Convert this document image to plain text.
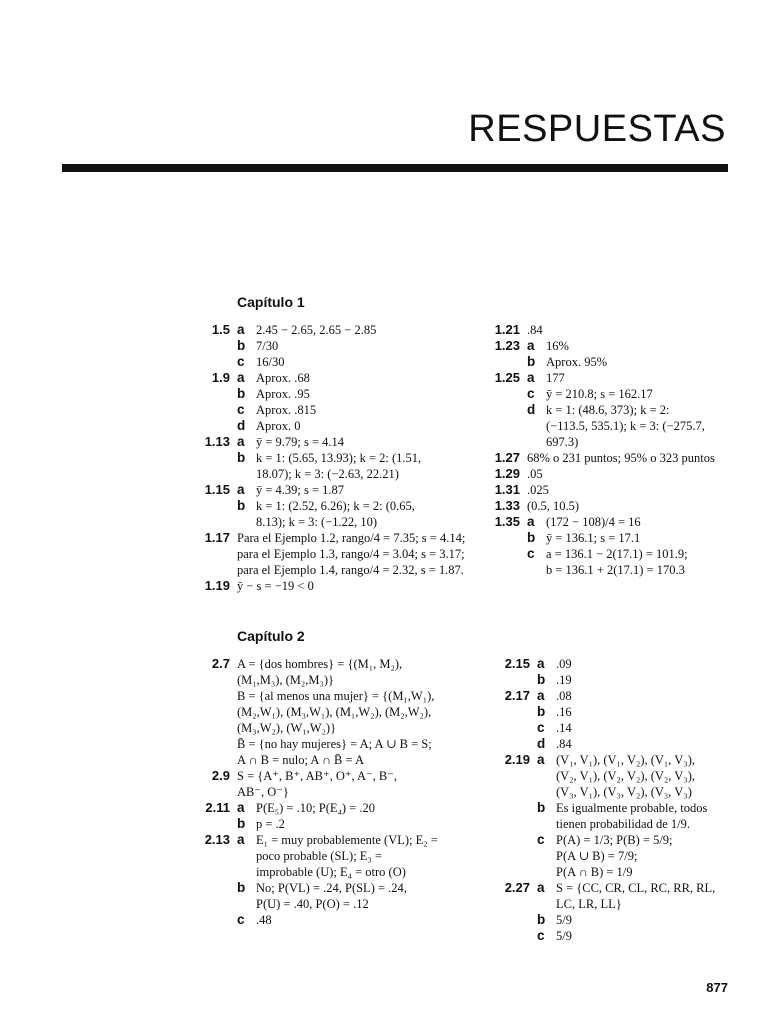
RESPUESTAS
Capítulo 1
1.5 a 2.45 − 2.65, 2.65 − 2.85
b 7/30
c 16/30
1.9 a Aprox. .68
b Aprox. .95
c Aprox. .815
d Aprox. 0
1.13 a ȳ = 9.79; s = 4.14
b k = 1: (5.65, 13.93); k = 2: (1.51,
18.07); k = 3: (−2.63, 22.21)
1.15 a ȳ = 4.39; s = 1.87
b k = 1: (2.52, 6.26); k = 2: (0.65,
8.13); k = 3: (−1.22, 10)
1.17 Para el Ejemplo 1.2, rango/4 = 7.35; s = 4.14;
para el Ejemplo 1.3, rango/4 = 3.04; s = 3.17;
para el Ejemplo 1.4, rango/4 = 2.32, s = 1.87.
1.19 ȳ − s = −19 < 0
1.21 .84
1.23 a 16%
b Aprox. 95%
1.25 a 177
c ȳ = 210.8; s = 162.17
d k = 1: (48.6, 373); k = 2:
(−113.5, 535.1); k = 3: (−275.7,
697.3)
1.27 68% o 231 puntos; 95% o 323 puntos
1.29 .05
1.31 .025
1.33 (0.5, 10.5)
1.35 a (172 − 108)/4 = 16
b ȳ = 136.1; s = 17.1
c a = 136.1 − 2(17.1) = 101.9;
b = 136.1 + 2(17.1) = 170.3
Capítulo 2
2.7 A = {dos hombres} = {(M₁, M₂),
(M₁,M₃), (M₂,M₃)}
B = {al menos una mujer} = {(M₁,W₁),
(M₂,W₁), (M₃,W₁), (M₁,W₂), (M₂,W₂),
(M₃,W₂), (W₁,W₂)}
B̄ = {no hay mujeres} = A; A ∪ B = S;
A ∩ B = nulo; A ∩ B̄ = A
2.9 S = {A⁺, B⁺, AB⁺, O⁺, A⁻, B⁻,
AB⁻, O⁻}
2.11 a P(E₅) = .10; P(E₄) = .20
b p = .2
2.13 a E₁ = muy probablemente (VL); E₂ =
poco probable (SL); E₃ =
improbable (U); E₄ = otro (O)
b No; P(VL) = .24, P(SL) = .24,
P(U) = .40, P(O) = .12
c .48
2.15 a .09
b .19
2.17 a .08
b .16
c .14
d .84
2.19 a (V₁, V₁), (V₁, V₂), (V₁, V₃),
(V₂, V₁), (V₂, V₂), (V₂, V₃),
(V₃, V₁), (V₃, V₂), (V₃, V₃)
b Es igualmente probable, todos
tienen probabilidad de 1/9.
c P(A) = 1/3; P(B) = 5/9;
P(A ∪ B) = 7/9;
P(A ∩ B) = 1/9
2.27 a S = {CC, CR, CL, RC, RR, RL,
LC, LR, LL}
b 5/9
c 5/9
877
